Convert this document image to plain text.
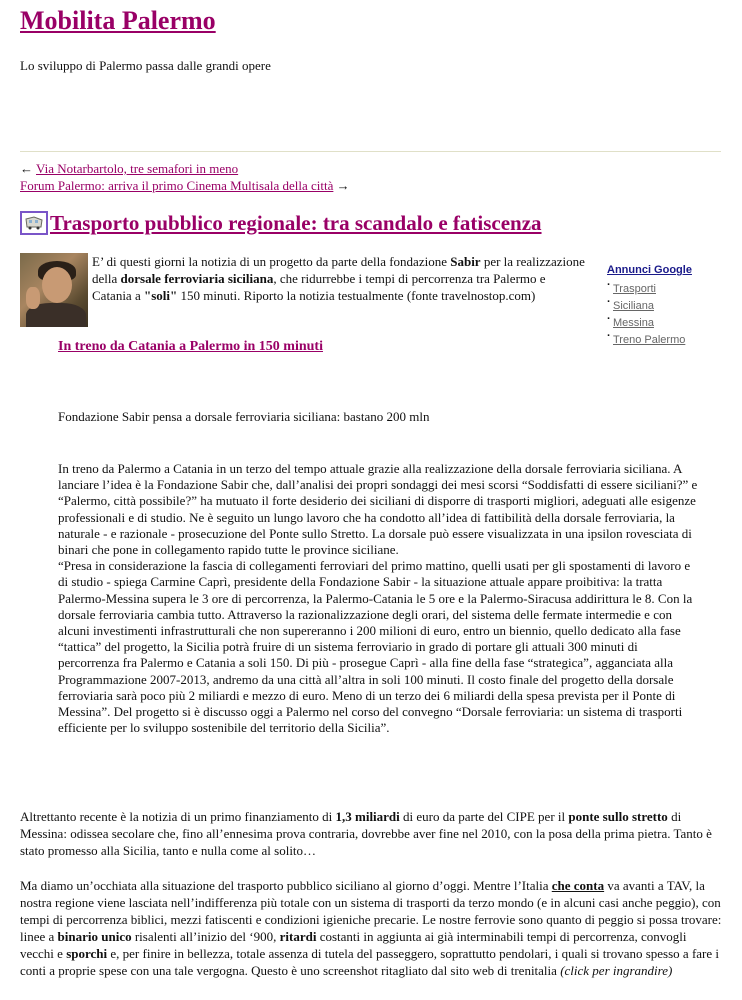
Mobilita Palermo
Lo sviluppo di Palermo passa dalle grandi opere
← Via Notarbartolo, tre semafori in meno
Forum Palermo: arriva il primo Cinema Multisala della città →
Trasporto pubblico regionale: tra scandalo e fatiscenza
E’ di questi giorni la notizia di un progetto da parte della fondazione Sabir per la realizzazione della dorsale ferroviaria siciliana, che ridurrebbe i tempi di percorrenza tra Palermo e Catania a "soli" 150 minuti. Riporto la notizia testualmente (fonte travelnostop.com)
Annunci Google
· Trasporti
· Siciliana
· Messina
· Treno Palermo
In treno da Catania a Palermo in 150 minuti
Fondazione Sabir pensa a dorsale ferroviaria siciliana: bastano 200 mln
In treno da Palermo a Catania in un terzo del tempo attuale grazie alla realizzazione della dorsale ferroviaria siciliana. A lanciare l’idea è la Fondazione Sabir che, dall’analisi dei propri sondaggi dei mesi scorsi “Soddisfatti di essere siciliani?” e “Palermo, città possibile?” ha mutuato il forte desiderio dei siciliani di disporre di trasporti migliori, adeguati alle esigenze professionali e di studio. Ne è seguito un lungo lavoro che ha condotto all’idea di fattibilità della dorsale ferroviaria, la naturale - e razionale - prosecuzione del Ponte sullo Stretto. La dorsale può essere visualizzata in una ipsilon rovesciata di binari che pone in collegamento rapido tutte le province siciliane.
“Presa in considerazione la fascia di collegamenti ferroviari del primo mattino, quelli usati per gli spostamenti di lavoro e di studio - spiega Carmine Caprì, presidente della Fondazione Sabir - la situazione attuale appare proibitiva: la tratta Palermo-Messina supera le 3 ore di percorrenza, la Palermo-Catania le 5 ore e la Palermo-Siracusa addirittura le 8. Con la dorsale ferroviaria cambia tutto. Attraverso la razionalizzazione degli orari, del sistema delle fermate intermedie e con alcuni investimenti infrastrutturali che non supereranno i 200 milioni di euro, entro un biennio, quello dedicato alla fase “tattica” del progetto, la Sicilia potrà fruire di un sistema ferroviario in grado di portare gli attuali 300 minuti di percorrenza fra Palermo e Catania a soli 150. Di più - prosegue Caprì - alla fine della fase “strategica”, agganciata alla Programmazione 2007-2013, andremo da una città all’altra in soli 100 minuti. Il costo finale del progetto della dorsale ferroviaria sarà poco più 2 miliardi e mezzo di euro. Meno di un terzo dei 6 miliardi della spesa prevista per il Ponte di Messina”. Del progetto si è discusso oggi a Palermo nel corso del convegno “Dorsale ferroviaria: un sistema di trasporti efficiente per lo sviluppo sostenibile del territorio della Sicilia”.
Altrettanto recente è la notizia di un primo finanziamento di 1,3 miliardi di euro da parte del CIPE per il ponte sullo stretto di Messina: odissea secolare che, fino all’ennesima prova contraria, dovrebbe aver fine nel 2010, con la posa della prima pietra. Tanto è stato promesso alla Sicilia, tanto e nulla come al solito…
Ma diamo un’occhiata alla situazione del trasporto pubblico siciliano al giorno d’oggi. Mentre l’Italia che conta va avanti a TAV, la nostra regione viene lasciata nell’indifferenza più totale con un sistema di trasporti da terzo mondo (e in alcuni casi anche peggio), con tempi di percorrenza biblici, mezzi fatiscenti e condizioni igieniche precarie. Le nostre ferrovie sono quanto di peggio si possa trovare: linee a binario unico risalenti all’inizio del ‘900, ritardi costanti in aggiunta ai già interminabili tempi di percorrenza, convogli vecchi e sporchi e, per finire in bellezza, totale assenza di tutela del passeggero, soprattutto pendolari, i quali si trovano spesso a fare i conti a proprie spese con una tale vergogna. Questo è uno screenshot ritagliato dal sito web di trenitalia (click per ingrandire)
